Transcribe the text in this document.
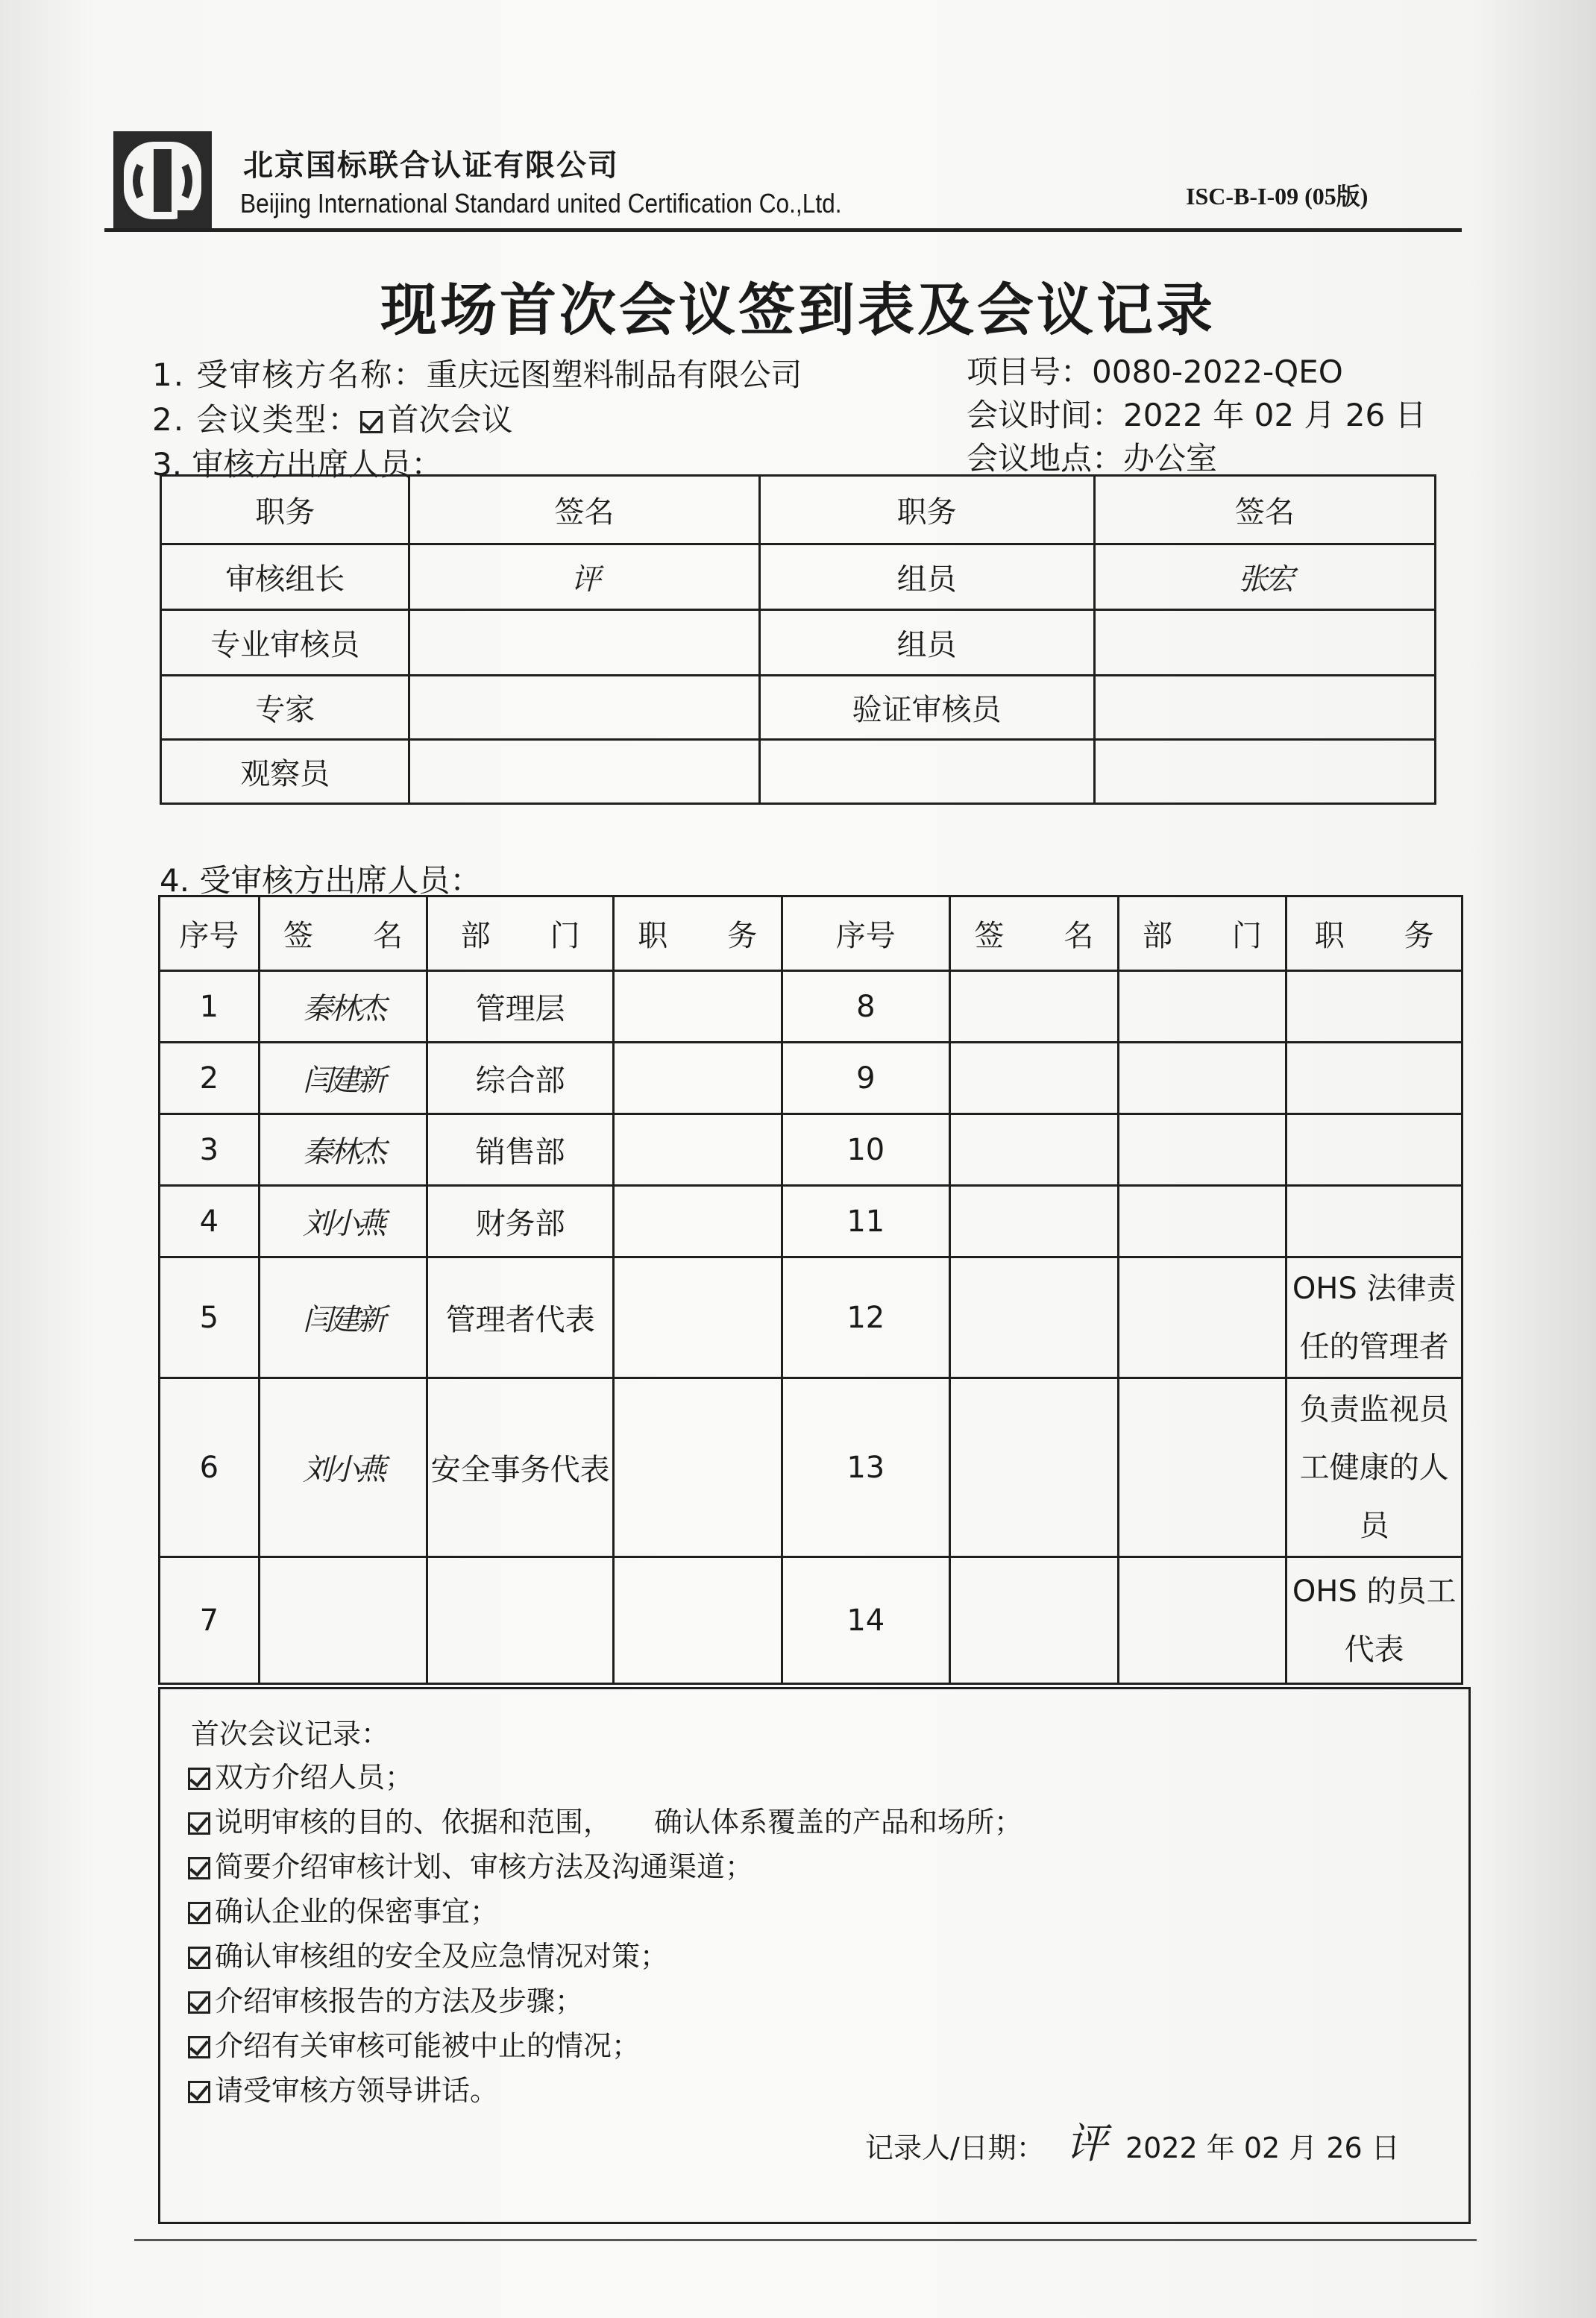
北京国标联合认证有限公司
Beijing International Standard united Certification Co.,Ltd.	ISC-B-I-09 (05版)
现场首次会议签到表及会议记录
1. 受审核方名称：重庆远图塑料制品有限公司
2. 会议类型： 首次会议
3. 审核方出席人员：
项目号：0080-2022-QEO
会议时间：2022 年 02 月 26 日
会议地点：办公室
职务	签名	职务	签名
审核组长	评	组员	张宏
专业审核员		组员	
专家		验证审核员	
观察员			
4. 受审核方出席人员：
序号	签　　名	部　　门	职　　务	序号	签　　名	部　　门	职　　务
1	秦林杰	管理层		8			
2	闫建新	综合部		9			
3	秦林杰	销售部		10			
4	刘小燕	财务部		11			
5	闫建新	管理者代表		12			OHS 法律责任的管理者
6	刘小燕	安全事务代表		13			负责监视员工健康的人员
7				14			OHS 的员工代表
首次会议记录：
双方介绍人员；
说明审核的目的、依据和范围，　　确认体系覆盖的产品和场所；
简要介绍审核计划、审核方法及沟通渠道；
确认企业的保密事宜；
确认审核组的安全及应急情况对策；
介绍审核报告的方法及步骤；
介绍有关审核可能被中止的情况；
请受审核方领导讲话。
记录人/日期： 评 2022 年 02 月 26 日
